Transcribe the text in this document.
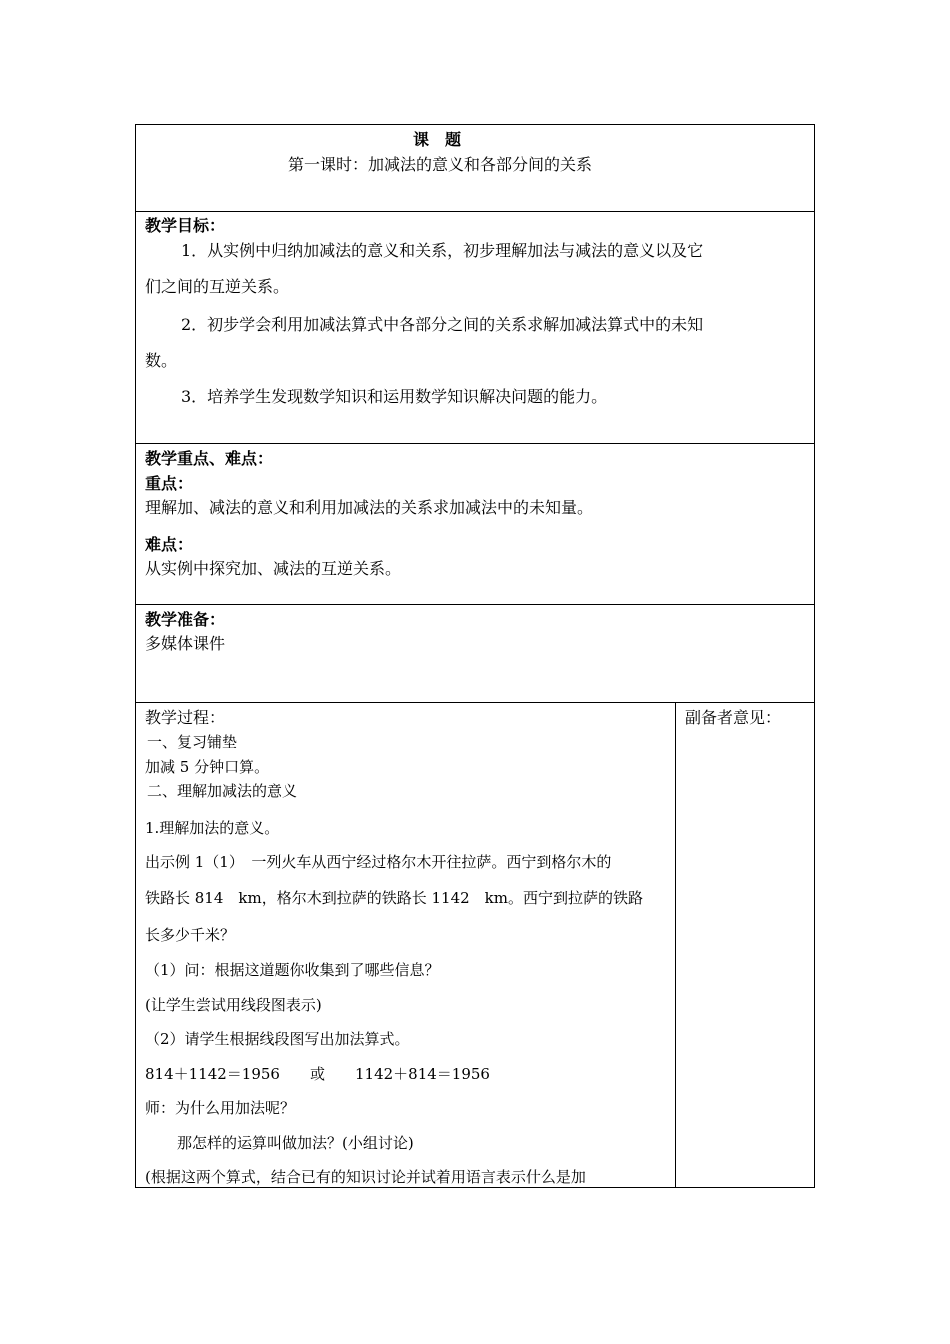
课　题
第一课时：加减法的意义和各部分间的关系
教学目标：
1．从实例中归纳加减法的意义和关系，初步理解加法与减法的意义以及它
们之间的互逆关系。
2．初步学会利用加减法算式中各部分之间的关系求解加减法算式中的未知
数。
3．培养学生发现数学知识和运用数学知识解决问题的能力。
教学重点、难点：
重点：
理解加、减法的意义和利用加减法的关系求加减法中的未知量。
难点：
从实例中探究加、减法的互逆关系。
教学准备：
多媒体课件
教学过程：	副备者意见：
一、复习铺垫
加减 5 分钟口算。
二、理解加减法的意义
1.理解加法的意义。
出示例 1（1）　一列火车从西宁经过格尔木开往拉萨。西宁到格尔木的
铁路长 814　km，格尔木到拉萨的铁路长 1142　km。西宁到拉萨的铁路
长多少千米？
（1）问：根据这道题你收集到了哪些信息？
(让学生尝试用线段图表示)
（2）请学生根据线段图写出加法算式。
814＋1142＝1956　　或　　1142＋814＝1956
师：为什么用加法呢？
那怎样的运算叫做加法？(小组讨论)
(根据这两个算式，结合已有的知识讨论并试着用语言表示什么是加
